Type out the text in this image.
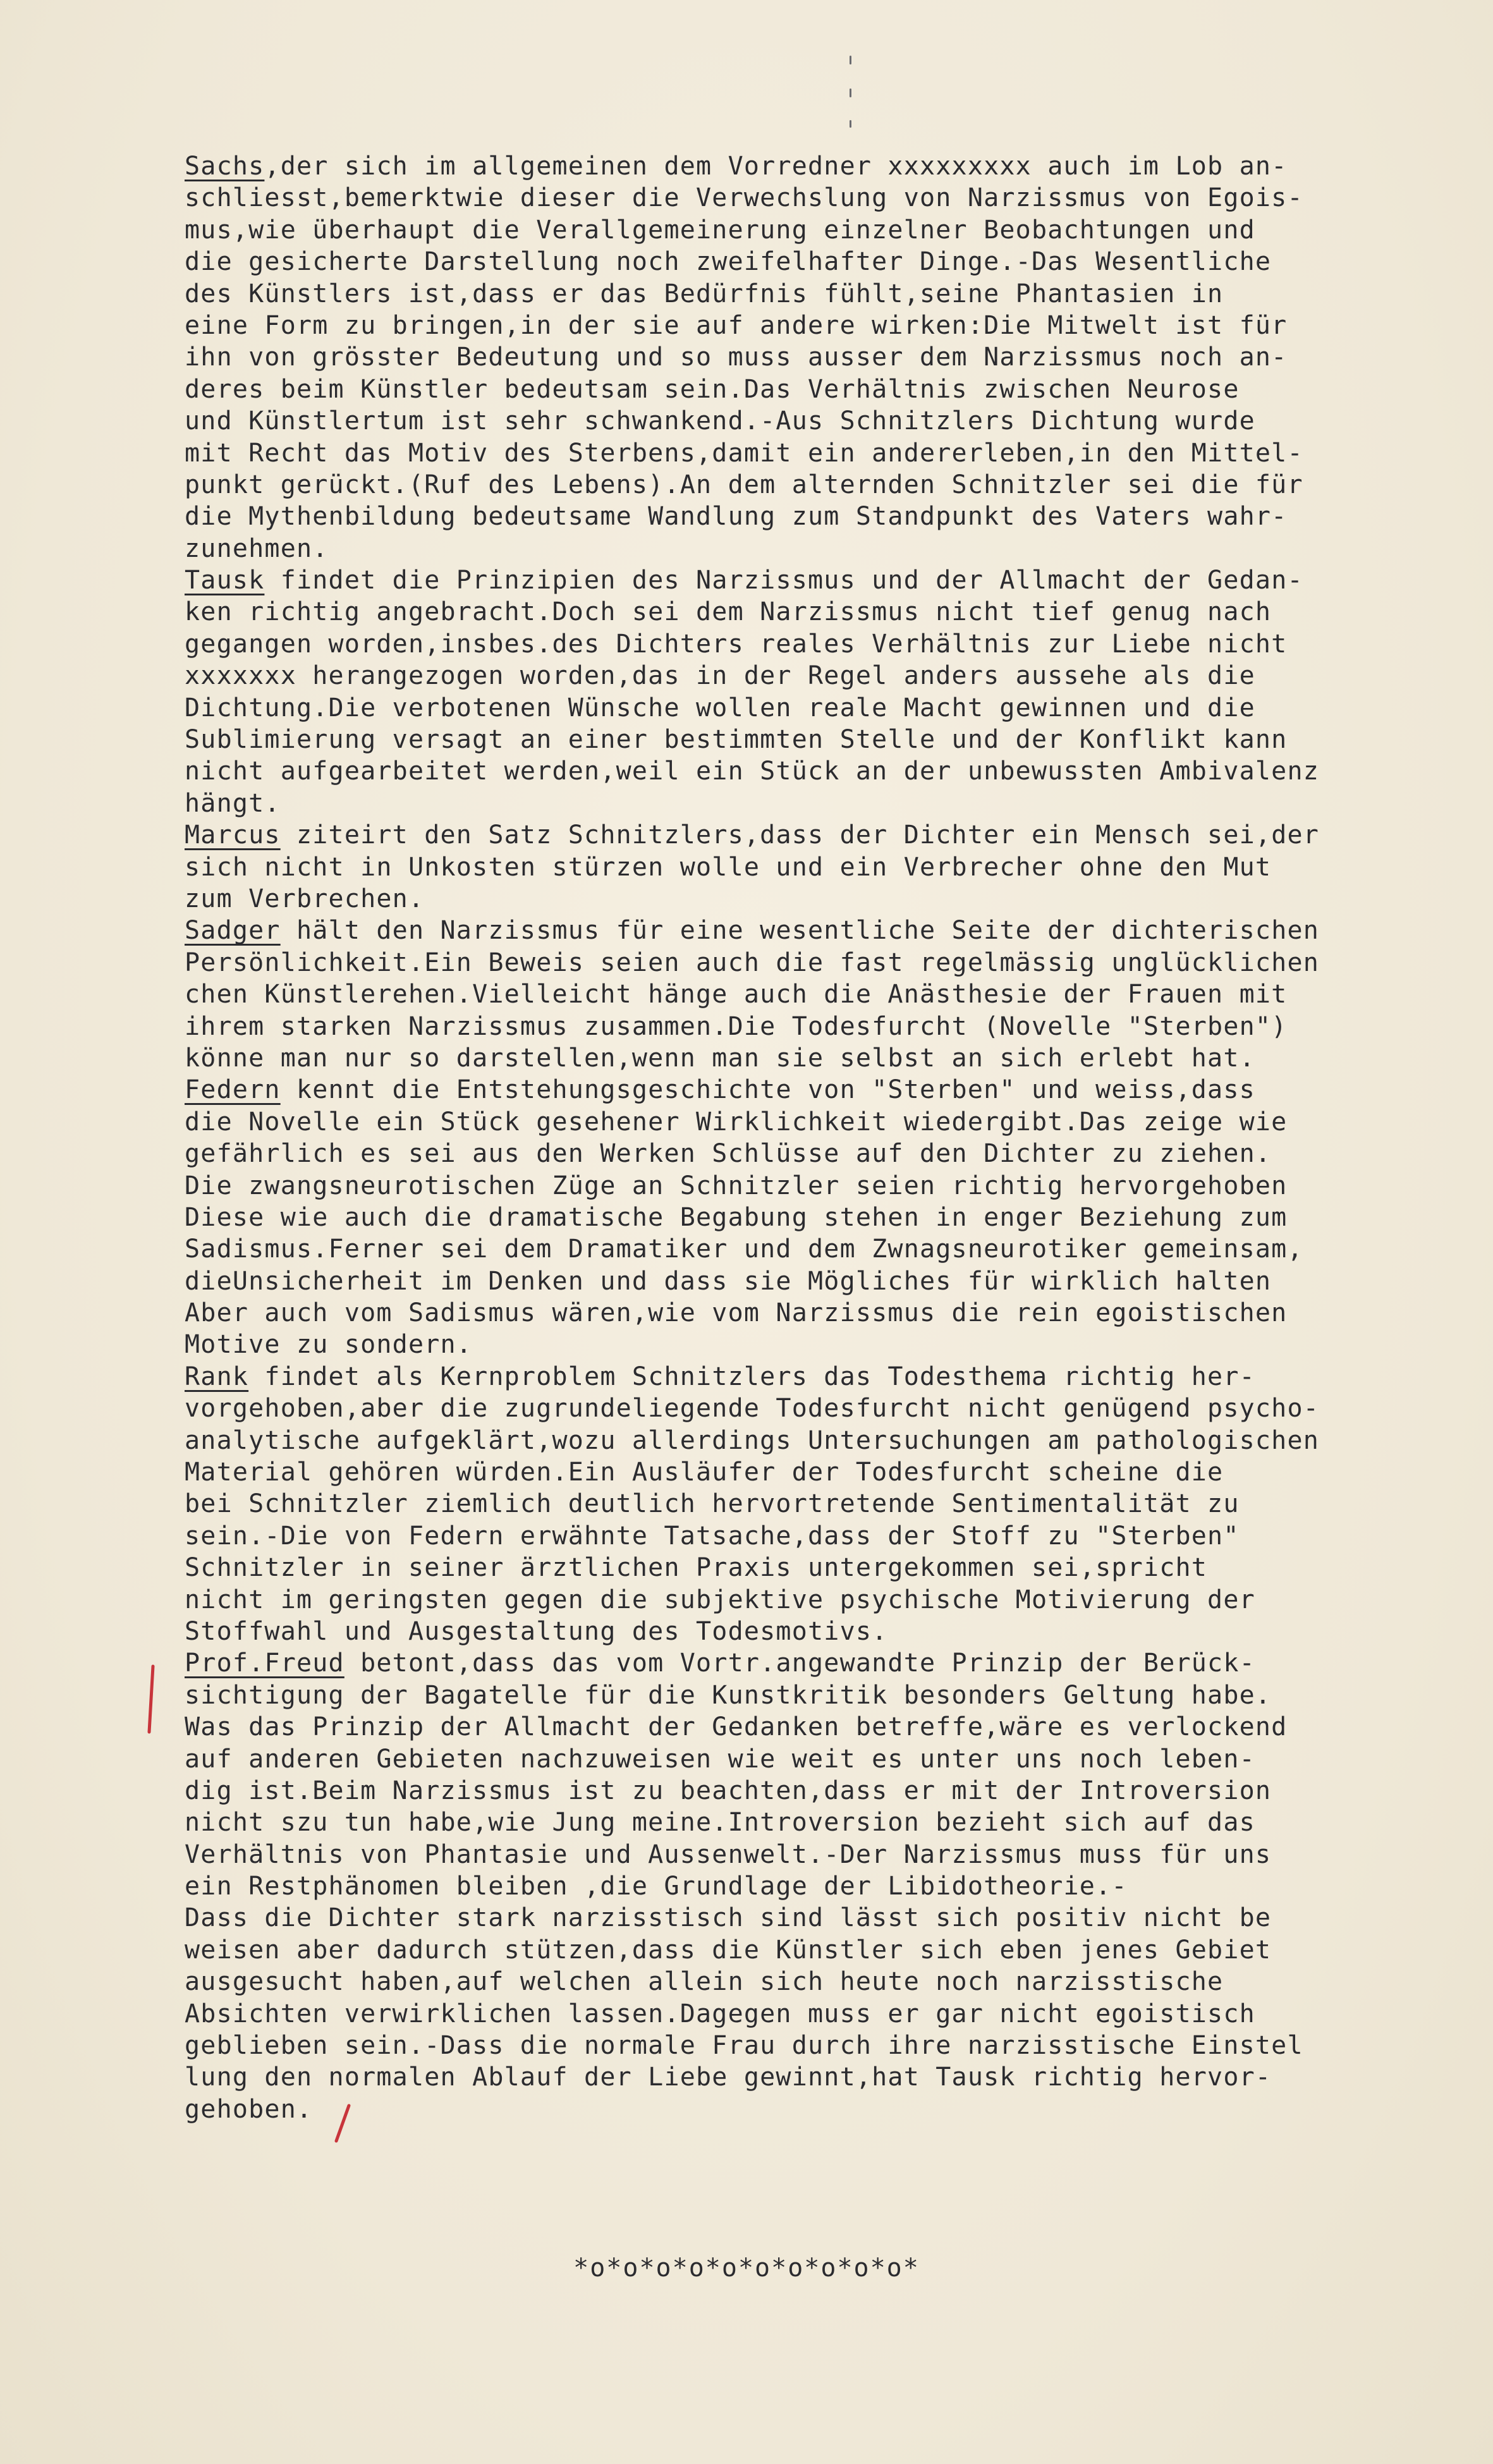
Sachs,der sich im allgemeinen dem Vorredner xxxxxxxxx auch im Lob an-
schliesst,bemerktwie dieser die Verwechslung von Narzissmus von Egois-
mus,wie überhaupt die Verallgemeinerung einzelner Beobachtungen und
die gesicherte Darstellung noch zweifelhafter Dinge.-Das Wesentliche
des Künstlers ist,dass er das Bedürfnis fühlt,seine Phantasien in
eine Form zu bringen,in der sie auf andere wirken:Die Mitwelt ist für
ihn von grösster Bedeutung und so muss ausser dem Narzissmus noch an-
deres beim Künstler bedeutsam sein.Das Verhältnis zwischen Neurose
und Künstlertum ist sehr schwankend.-Aus Schnitzlers Dichtung wurde
mit Recht das Motiv des Sterbens,damit ein andererleben,in den Mittel-
punkt gerückt.(Ruf des Lebens).An dem alternden Schnitzler sei die für
die Mythenbildung bedeutsame Wandlung zum Standpunkt des Vaters wahr-
zunehmen.
Tausk findet die Prinzipien des Narzissmus und der Allmacht der Gedan-
ken richtig angebracht.Doch sei dem Narzissmus nicht tief genug nach
gegangen worden,insbes.des Dichters reales Verhältnis zur Liebe nicht
xxxxxxx herangezogen worden,das in der Regel anders aussehe als die
Dichtung.Die verbotenen Wünsche wollen reale Macht gewinnen und die
Sublimierung versagt an einer bestimmten Stelle und der Konflikt kann
nicht aufgearbeitet werden,weil ein Stück an der unbewussten Ambivalenz
hängt.
Marcus ziteirt den Satz Schnitzlers,dass der Dichter ein Mensch sei,der
sich nicht in Unkosten stürzen wolle und ein Verbrecher ohne den Mut
zum Verbrechen.
Sadger hält den Narzissmus für eine wesentliche Seite der dichterischen
Persönlichkeit.Ein Beweis seien auch die fast regelmässig unglücklichen
chen Künstlerehen.Vielleicht hänge auch die Anästhesie der Frauen mit
ihrem starken Narzissmus zusammen.Die Todesfurcht (Novelle "Sterben")
könne man nur so darstellen,wenn man sie selbst an sich erlebt hat.
Federn kennt die Entstehungsgeschichte von "Sterben" und weiss,dass
die Novelle ein Stück gesehener Wirklichkeit wiedergibt.Das zeige wie
gefährlich es sei aus den Werken Schlüsse auf den Dichter zu ziehen.
Die zwangsneurotischen Züge an Schnitzler seien richtig hervorgehoben
Diese wie auch die dramatische Begabung stehen in enger Beziehung zum
Sadismus.Ferner sei dem Dramatiker und dem Zwnagsneurotiker gemeinsam,
dieUnsicherheit im Denken und dass sie Mögliches für wirklich halten
Aber auch vom Sadismus wären,wie vom Narzissmus die rein egoistischen
Motive zu sondern.
Rank findet als Kernproblem Schnitzlers das Todesthema richtig her-
vorgehoben,aber die zugrundeliegende Todesfurcht nicht genügend psycho-
analytische aufgeklärt,wozu allerdings Untersuchungen am pathologischen
Material gehören würden.Ein Ausläufer der Todesfurcht scheine die
bei Schnitzler ziemlich deutlich hervortretende Sentimentalität zu
sein.-Die von Federn erwähnte Tatsache,dass der Stoff zu "Sterben"
Schnitzler in seiner ärztlichen Praxis untergekommen sei,spricht
nicht im geringsten gegen die subjektive psychische Motivierung der
Stoffwahl und Ausgestaltung des Todesmotivs.
Prof.Freud betont,dass das vom Vortr.angewandte Prinzip der Berück-
sichtigung der Bagatelle für die Kunstkritik besonders Geltung habe.
Was das Prinzip der Allmacht der Gedanken betreffe,wäre es verlockend
auf anderen Gebieten nachzuweisen wie weit es unter uns noch leben-
dig ist.Beim Narzissmus ist zu beachten,dass er mit der Introversion
nicht szu tun habe,wie Jung meine.Introversion bezieht sich auf das
Verhältnis von Phantasie und Aussenwelt.-Der Narzissmus muss für uns
ein Restphänomen bleiben ,die Grundlage der Libidotheorie.-
Dass die Dichter stark narzisstisch sind lässt sich positiv nicht be
weisen aber dadurch stützen,dass die Künstler sich eben jenes Gebiet
ausgesucht haben,auf welchen allein sich heute noch narzisstische
Absichten verwirklichen lassen.Dagegen muss er gar nicht egoistisch
geblieben sein.-Dass die normale Frau durch ihre narzisstische Einstel
lung den normalen Ablauf der Liebe gewinnt,hat Tausk richtig hervor-
gehoben.
*o*o*o*o*o*o*o*o*o*o*
